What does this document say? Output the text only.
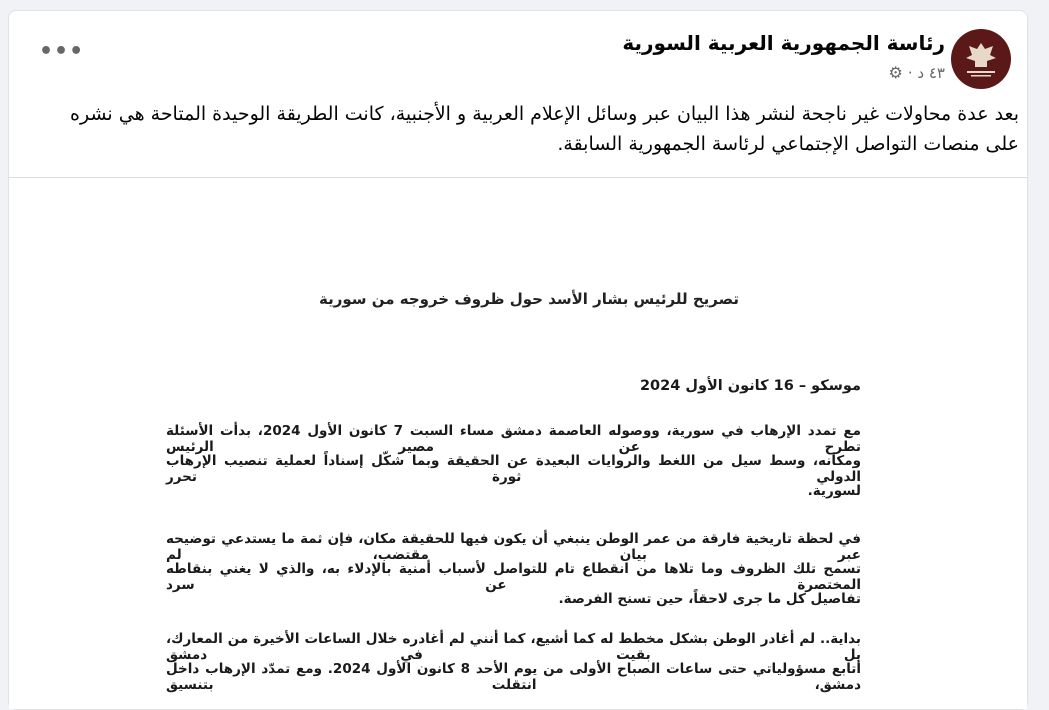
رئاسة الجمهورية العربية السورية
٤٣ د ·
⚙
•••
بعد عدة محاولات غير ناجحة لنشر هذا البيان عبر وسائل الإعلام العربية و الأجنبية، كانت الطريقة الوحيدة المتاحة هي نشره على منصات التواصل الإجتماعي لرئاسة الجمهورية السابقة.
تصريح للرئيس بشار الأسد حول ظروف خروجه من سورية
موسكو – 16 كانون الأول 2024
مع تمدد الإرهاب في سورية، ووصوله العاصمة دمشق مساء السبت 7 كانون الأول 2024، بدأت الأسئلة تطرح عن مصير الرئيس
ومكانه، وسط سيل من اللغط والروايات البعيدة عن الحقيقة وبما شكّل إسناداً لعملية تنصيب الإرهاب الدولي ثورة تحرر
لسورية.
في لحظة تاريخية فارقة من عمر الوطن ينبغي أن يكون فيها للحقيقة مكان، فإن ثمة ما يستدعي توضيحه عبر بيان مقتضب، لم
تسمح تلك الظروف وما تلاها من انقطاع تام للتواصل لأسباب أمنية بالإدلاء به، والذي لا يغني بنقاطه المختصرة عن سرد
تفاصيل كل ما جرى لاحقاً، حين تسنح الفرصة.
بداية.. لم أغادر الوطن بشكل مخطط له كما أشيع، كما أنني لم أغادره خلال الساعات الأخيرة من المعارك، بل بقيت في دمشق
أتابع مسؤولياتي حتى ساعات الصباح الأولى من يوم الأحد 8 كانون الأول 2024. ومع تمدّد الإرهاب داخل دمشق، انتقلت بتنسيق
